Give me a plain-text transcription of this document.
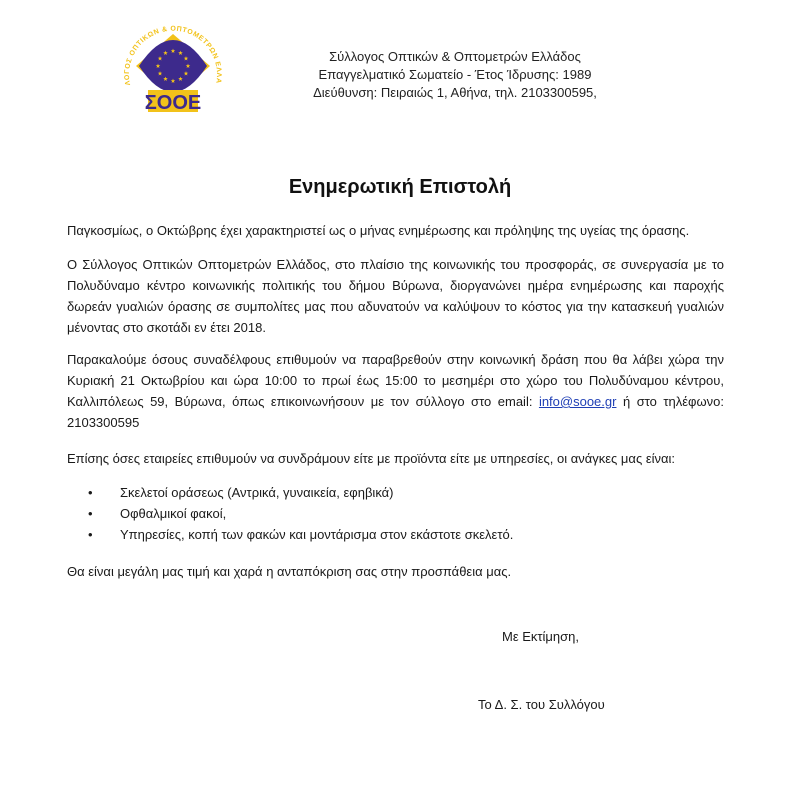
ΛΟΓΟΣ ΟΠΤΙΚΩΝ & ΟΠΤΟΜΕΤΡΩΝ ΕΛΛΑ
ΣΟΟΕ
Σύλλογος Οπτικών & Οπτομετρών Ελλάδος
Επαγγελματικό Σωματείο - Έτος Ίδρυσης: 1989
Διεύθυνση: Πειραιώς 1, Αθήνα, τηλ. 2103300595,
Ενημερωτική Επιστολή
Παγκοσμίως, ο Οκτώβρης έχει χαρακτηριστεί ως ο μήνας ενημέρωσης και πρόληψης της υγείας της όρασης.
Ο Σύλλογος Οπτικών Οπτομετρών Ελλάδος, στο πλαίσιο της κοινωνικής του προσφοράς, σε συνεργασία με το Πολυδύναμο κέντρο κοινωνικής πολιτικής του δήμου Βύρωνα, διοργανώνει ημέρα ενημέρωσης και παροχής δωρεάν γυαλιών όρασης σε συμπολίτες μας που αδυνατούν να καλύψουν το κόστος για την κατασκευή γυαλιών μένοντας στο σκοτάδι εν έτει 2018.
Παρακαλούμε όσους συναδέλφους επιθυμούν να παραβρεθούν στην κοινωνική δράση που θα λάβει χώρα την Κυριακή 21 Οκτωβρίου και ώρα 10:00 το πρωί έως 15:00 το μεσημέρι στο χώρο του Πολυδύναμου κέντρου, Καλλιπόλεως 59, Βύρωνα, όπως επικοινωνήσουν με τον σύλλογο στο email: info@sooe.gr ή στο τηλέφωνο: 2103300595
Επίσης όσες εταιρείες επιθυμούν να συνδράμουν είτε με προϊόντα είτε με υπηρεσίες, οι ανάγκες μας είναι:
• Σκελετοί οράσεως (Αντρικά, γυναικεία, εφηβικά)
• Οφθαλμικοί φακοί,
• Υπηρεσίες, κοπή των φακών και μοντάρισμα στον εκάστοτε σκελετό.
Θα είναι μεγάλη μας τιμή και χαρά η ανταπόκριση σας στην προσπάθεια μας.
Με Εκτίμηση,
Το Δ. Σ. του Συλλόγου
